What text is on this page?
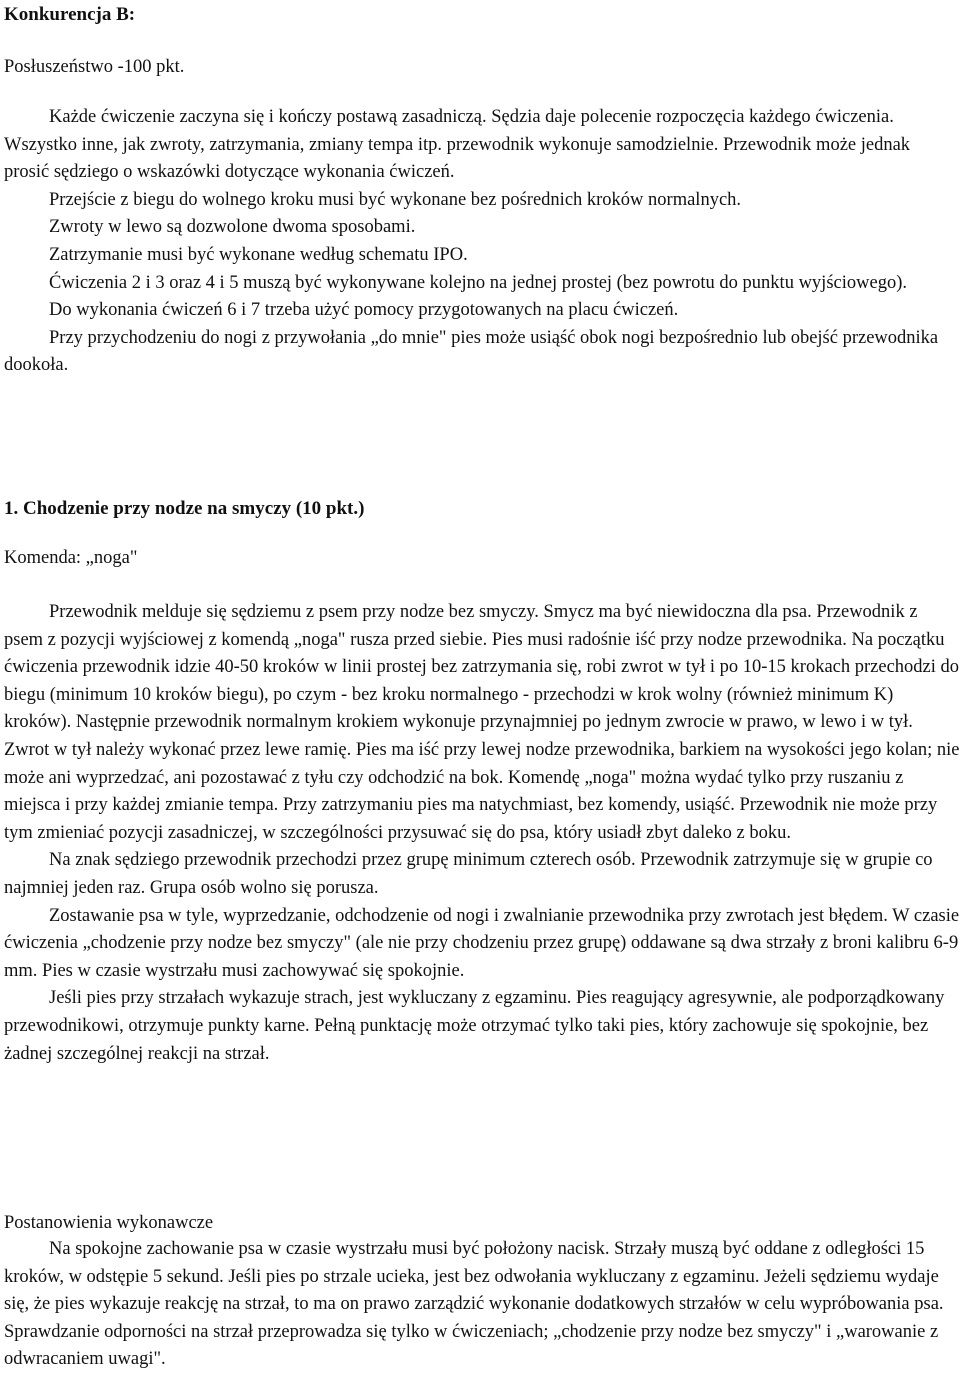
Konkurencja B:

Posłuszeństwo -100 pkt.

Każde ćwiczenie zaczyna się i kończy postawą zasadniczą. Sędzia daje polecenie rozpoczęcia każdego ćwiczenia. Wszystko inne, jak zwroty, zatrzymania, zmiany tempa itp. przewodnik wykonuje samodzielnie. Przewodnik może jednak prosić sędziego o wskazówki dotyczące wykonania ćwiczeń.

Przejście z biegu do wolnego kroku musi być wykonane bez pośrednich kroków normalnych.

Zwroty w lewo są dozwolone dwoma sposobami.

Zatrzymanie musi być wykonane według schematu IPO.

Ćwiczenia 2 i 3 oraz 4 i 5 muszą być wykonywane kolejno na jednej prostej (bez powrotu do punktu wyjściowego).

Do wykonania ćwiczeń 6 i 7 trzeba użyć pomocy przygotowanych na placu ćwiczeń.

Przy przychodzeniu do nogi z przywołania „do mnie" pies może usiąść obok nogi bezpośrednio lub obejść przewodnika dookoła.

1. Chodzenie przy nodze na smyczy (10 pkt.)

Komenda: „noga"

Przewodnik melduje się sędziemu z psem przy nodze bez smyczy. Smycz ma być niewidoczna dla psa. Przewodnik z psem z pozycji wyjściowej z komendą „noga" rusza przed siebie. Pies musi radośnie iść przy nodze przewodnika. Na początku ćwiczenia przewodnik idzie 40-50 kroków w linii prostej bez zatrzymania się, robi zwrot w tył i po 10-15 krokach przechodzi do biegu (minimum 10 kroków biegu), po czym - bez kroku normalnego - przechodzi w krok wolny (również minimum K) kroków). Następnie przewodnik normalnym krokiem wykonuje przynajmniej po jednym zwrocie w prawo, w lewo i w tył. Zwrot w tył należy wykonać przez lewe ramię. Pies ma iść przy lewej nodze przewodnika, barkiem na wysokości jego kolan; nie może ani wyprzedzać, ani pozostawać z tyłu czy odchodzić na bok. Komendę „noga" można wydać tylko przy ruszaniu z miejsca i przy każdej zmianie tempa. Przy zatrzymaniu pies ma natychmiast, bez komendy, usiąść. Przewodnik nie może przy tym zmieniać pozycji zasadniczej, w szczególności przysuwać się do psa, który usiadł zbyt daleko z boku.

Na znak sędziego przewodnik przechodzi przez grupę minimum czterech osób. Przewodnik zatrzymuje się w grupie co najmniej jeden raz. Grupa osób wolno się porusza.

Zostawanie psa w tyle, wyprzedzanie, odchodzenie od nogi i zwalnianie przewodnika przy zwrotach jest błędem. W czasie ćwiczenia „chodzenie przy nodze bez smyczy" (ale nie przy chodzeniu przez grupę) oddawane są dwa strzały z broni kalibru 6-9 mm. Pies w czasie wystrzału musi zachowywać się spokojnie.

Jeśli pies przy strzałach wykazuje strach, jest wykluczany z egzaminu. Pies reagujący agresywnie, ale podporządkowany przewodnikowi, otrzymuje punkty karne. Pełną punktację może otrzymać tylko taki pies, który zachowuje się spokojnie, bez żadnej szczególnej reakcji na strzał.

Postanowienia wykonawcze

Na spokojne zachowanie psa w czasie wystrzału musi być położony nacisk. Strzały muszą być oddane z odległości 15 kroków, w odstępie 5 sekund. Jeśli pies po strzale ucieka, jest bez odwołania wykluczany z egzaminu. Jeżeli sędziemu wydaje się, że pies wykazuje reakcję na strzał, to ma on prawo zarządzić wykonanie dodatkowych strzałów w celu wypróbowania psa.

Sprawdzanie odporności na strzał przeprowadza się tylko w ćwiczeniach; „chodzenie przy nodze bez smyczy" i „warowanie z odwracaniem uwagi".
